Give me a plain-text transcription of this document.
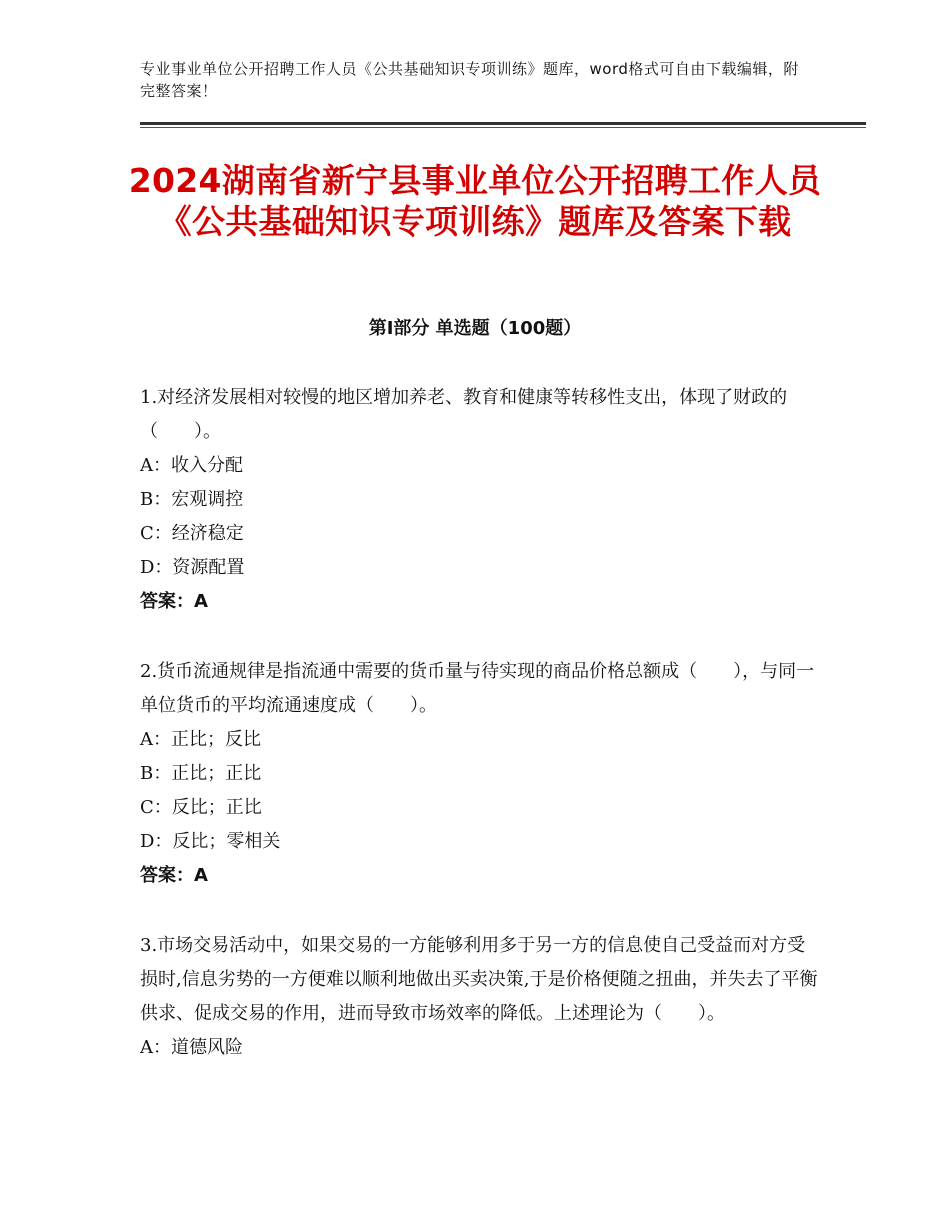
专业事业单位公开招聘工作人员《公共基础知识专项训练》题库，word格式可自由下载编辑，附完整答案！
2024湖南省新宁县事业单位公开招聘工作人员《公共基础知识专项训练》题库及答案下载
第Ⅰ部分 单选题（100题）

1.对经济发展相对较慢的地区增加养老、教育和健康等转移性支出，体现了财政的（　　）。

A：收入分配

B：宏观调控

C：经济稳定

D：资源配置

答案：A

2.货币流通规律是指流通中需要的货币量与待实现的商品价格总额成（　　），与同一单位货币的平均流通速度成（　　）。

A：正比；反比

B：正比；正比

C：反比；正比

D：反比；零相关

答案：A

3.市场交易活动中，如果交易的一方能够利用多于另一方的信息使自己受益而对方受损时,信息劣势的一方便难以顺利地做出买卖决策,于是价格便随之扭曲，并失去了平衡供求、促成交易的作用，进而导致市场效率的降低。上述理论为（　　）。

A：道德风险
